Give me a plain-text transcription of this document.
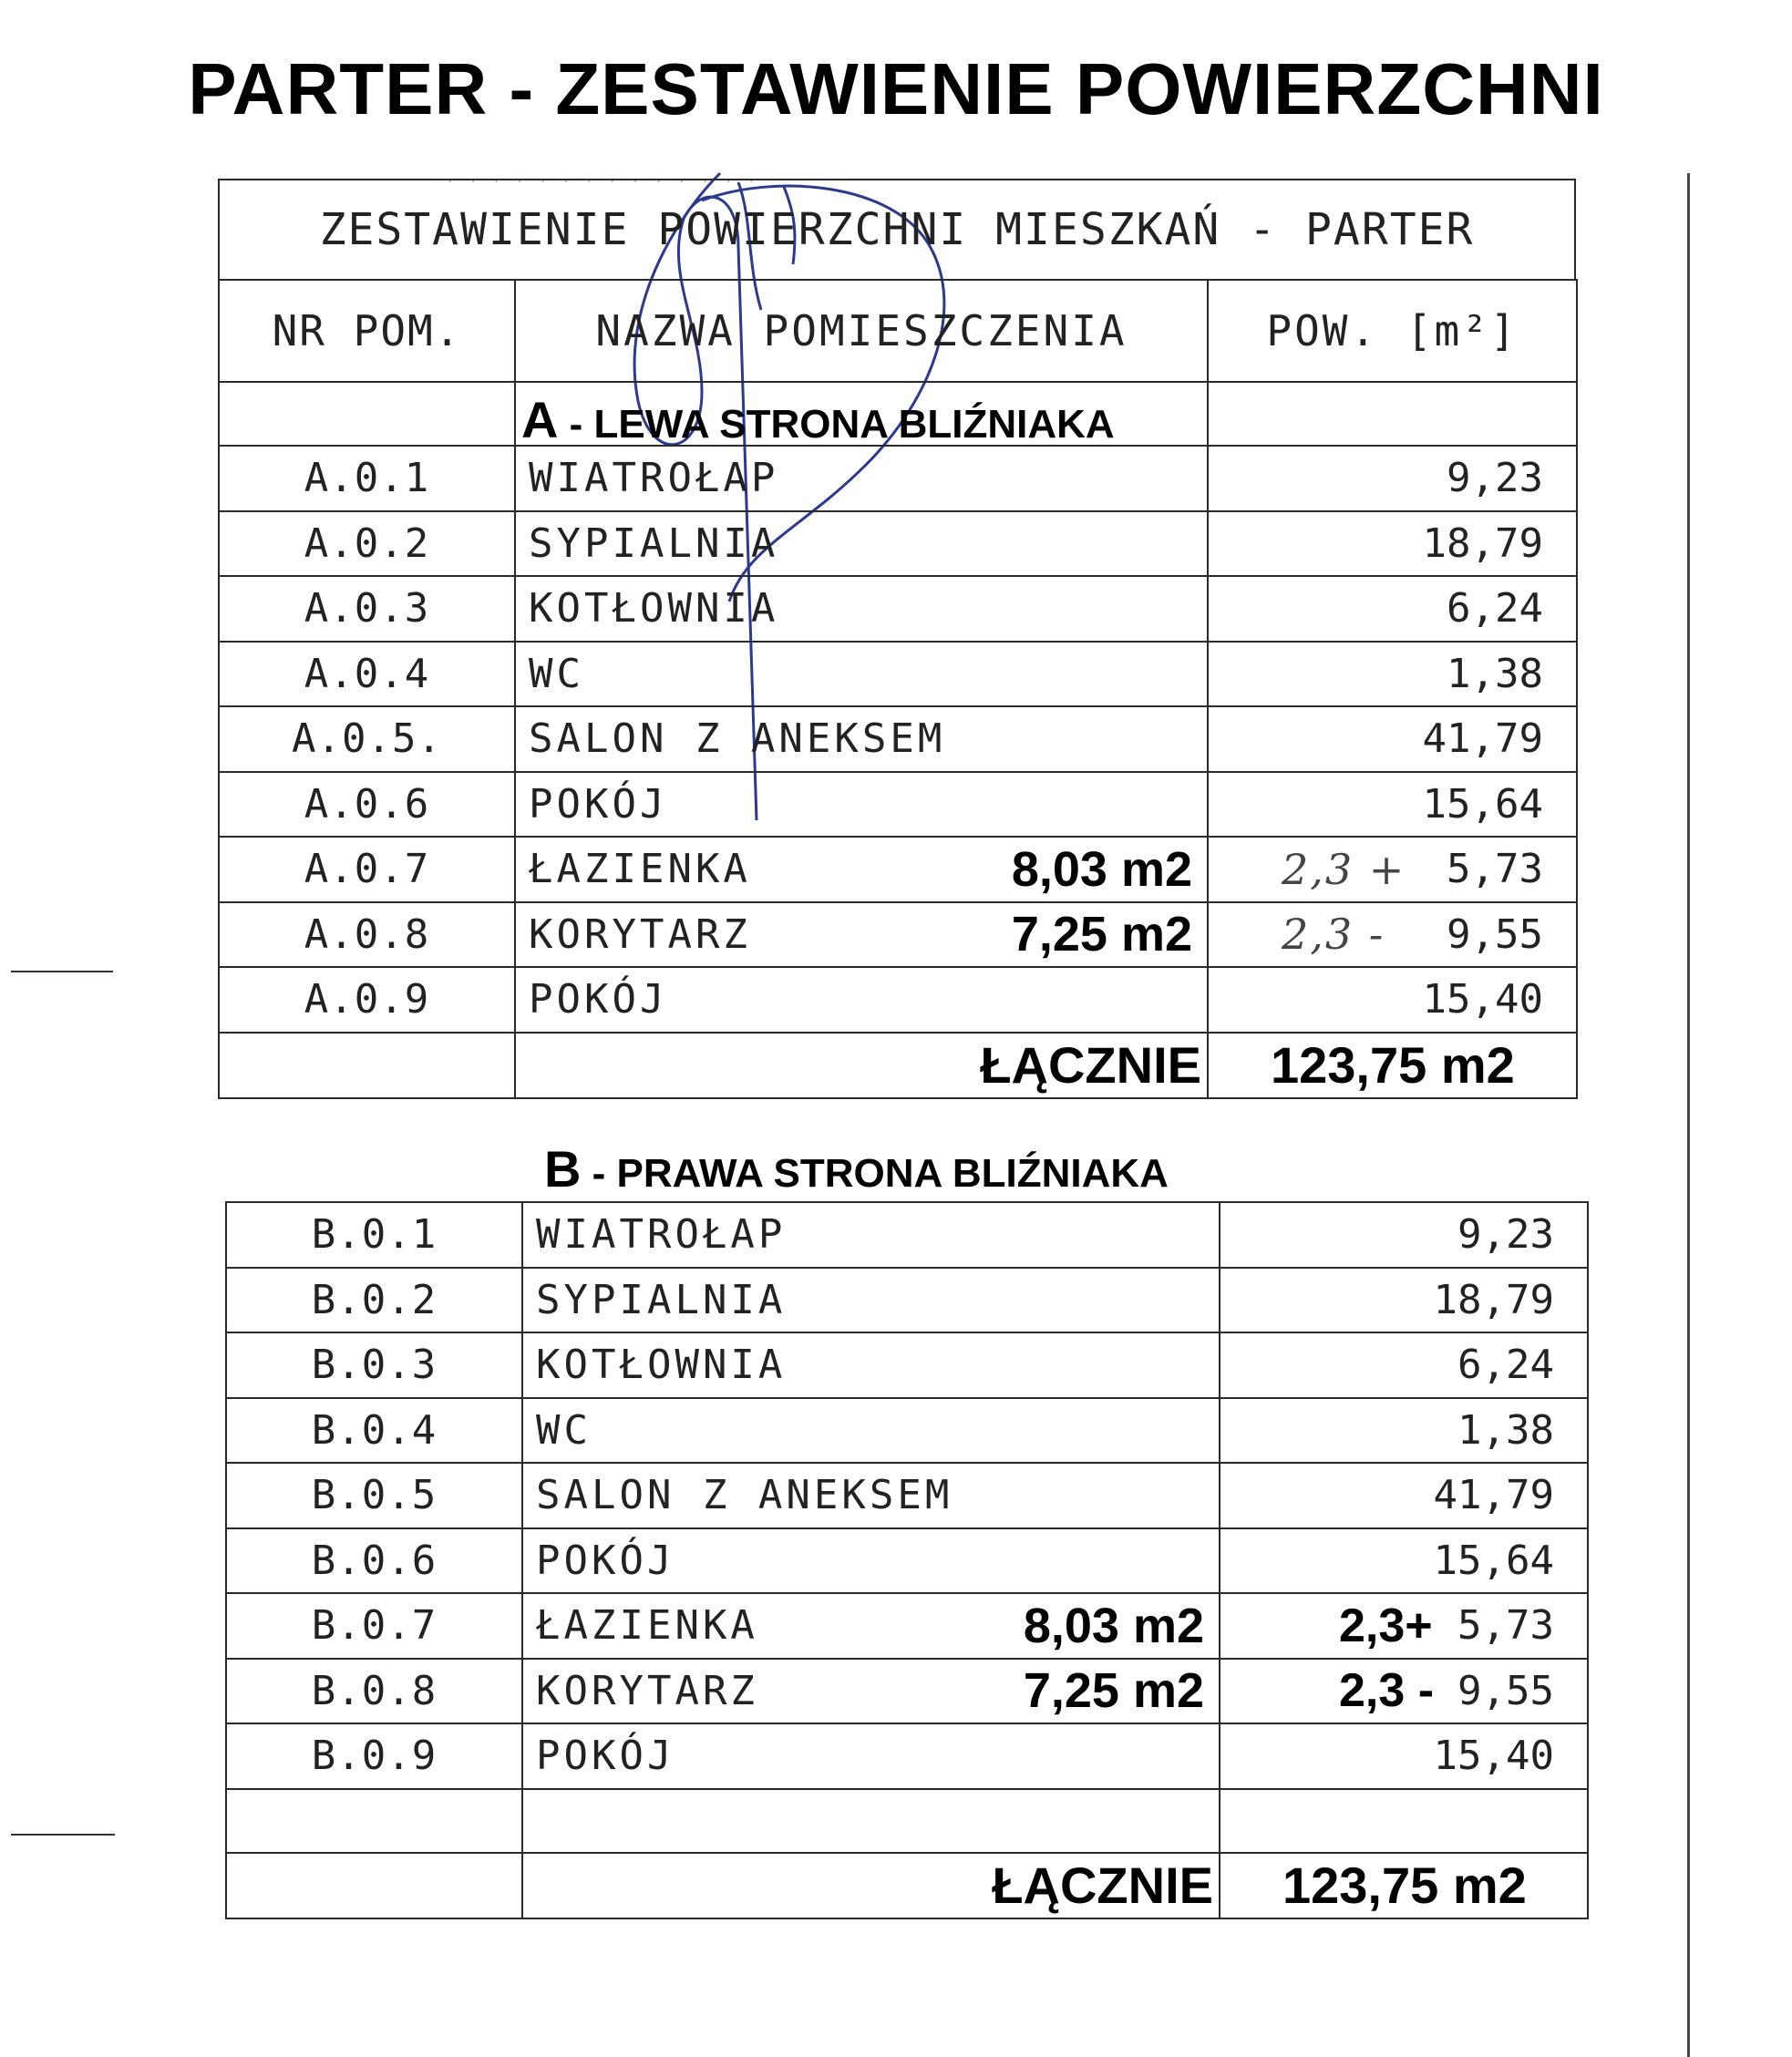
PARTER - ZESTAWIENIE POWIERZCHNI
· · · · · · · · · · · · · ·
ZESTAWIENIE POWIERZCHNI MIESZKAŃ - PARTER
NR POM.	NAZWA POMIESZCZENIA	POW. [m²]

A.0.1	WIATROŁAP	9,23
A.0.2	SYPIALNIA	18,79
A.0.3	KOTŁOWNIA	6,24
A.0.4	WC	1,38
A.0.5.	SALON Z ANEKSEM	41,79
A.0.6	POKÓJ	15,64
A.0.7	ŁAZIENKA 8,03 m2	2,3 + 5,73
A.0.8	KORYTARZ 7,25 m2	2,3 - 9,55
A.0.9	POKÓJ	15,40
	ŁĄCZNIE	123,75 m2
A - LEWA STRONA BLIŹNIAKA
B - PRAWA STRONA BLIŹNIAKA
B.0.1	WIATROŁAP	9,23
B.0.2	SYPIALNIA	18,79
B.0.3	KOTŁOWNIA	6,24
B.0.4	WC	1,38
B.0.5	SALON Z ANEKSEM	41,79
B.0.6	POKÓJ	15,64
B.0.7	ŁAZIENKA 8,03 m2	2,3+ 5,73
B.0.8	KORYTARZ 7,25 m2	2,3 - 9,55
B.0.9	POKÓJ	15,40

	ŁĄCZNIE	123,75 m2
